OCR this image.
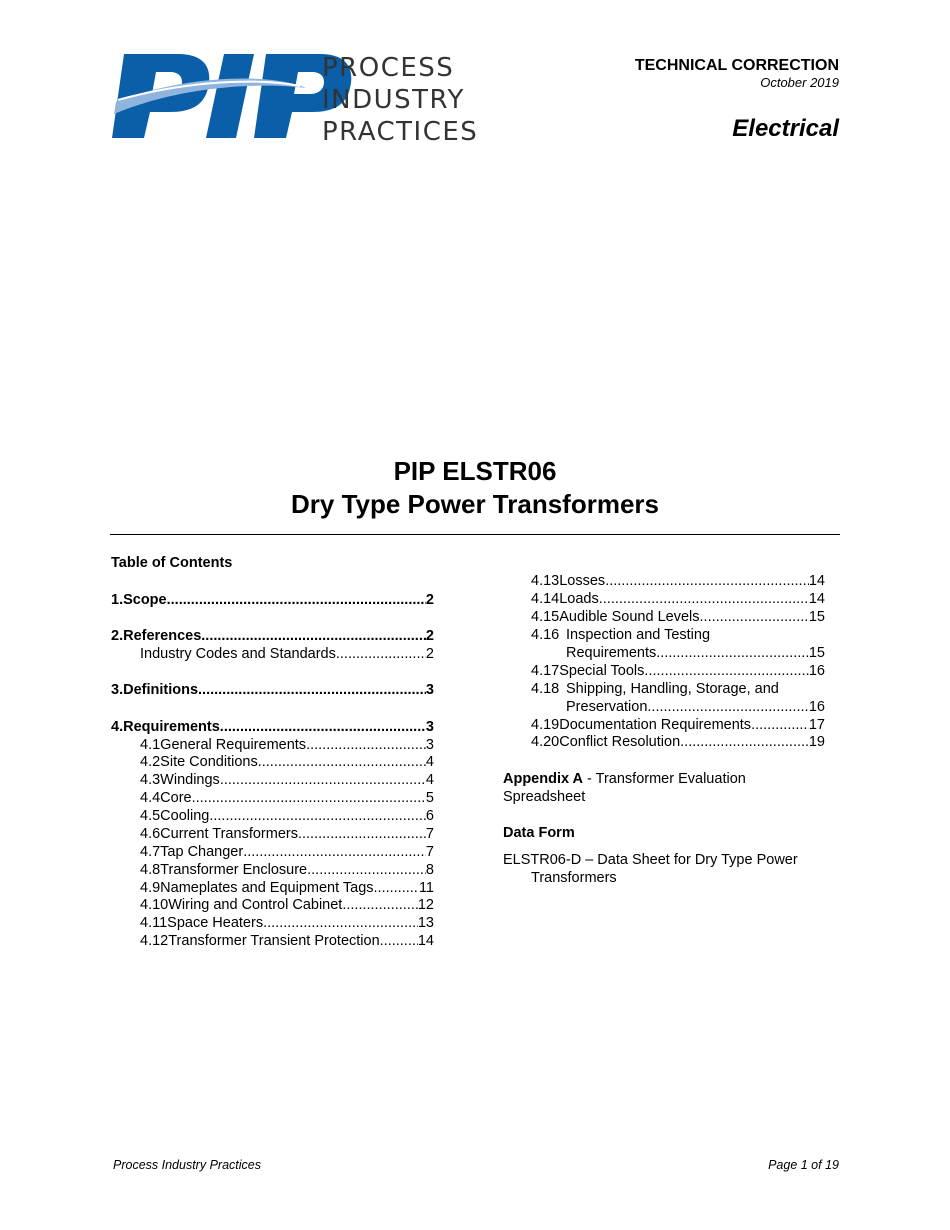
PROCESS
INDUSTRY
PRACTICES
TECHNICAL CORRECTION
October 2019
Electrical
PIP ELSTR06
Dry Type Power Transformers
Table of Contents
1. Scope .....	2
2. References .....	2
Industry Codes and Standards .....	2
3. Definitions .....	3
4. Requirements .....	3
4.1 General Requirements .....	3
4.2 Site Conditions .....	4
4.3 Windings .....	4
4.4 Core .....	5
4.5 Cooling .....	6
4.6 Current Transformers .....	7
4.7 Tap Changer .....	7
4.8 Transformer Enclosure .....	8
4.9 Nameplates and Equipment Tags .....	11
4.10 Wiring and Control Cabinet .....	12
4.11 Space Heaters .....	13
4.12 Transformer Transient Protection .....	14
4.13 Losses .....	14
4.14 Loads .....	14
4.15 Audible Sound Levels .....	15
4.16 Inspection and Testing
Requirements .....	15
4.17 Special Tools .....	16
4.18 Shipping, Handling, Storage, and
Preservation .....	16
4.19 Documentation Requirements .....	17
4.20 Conflict Resolution .....	19
Appendix A - Transformer Evaluation
Spreadsheet
Data Form
ELSTR06-D – Data Sheet for Dry Type Power
Transformers
Process Industry Practices	Page 1 of 19
